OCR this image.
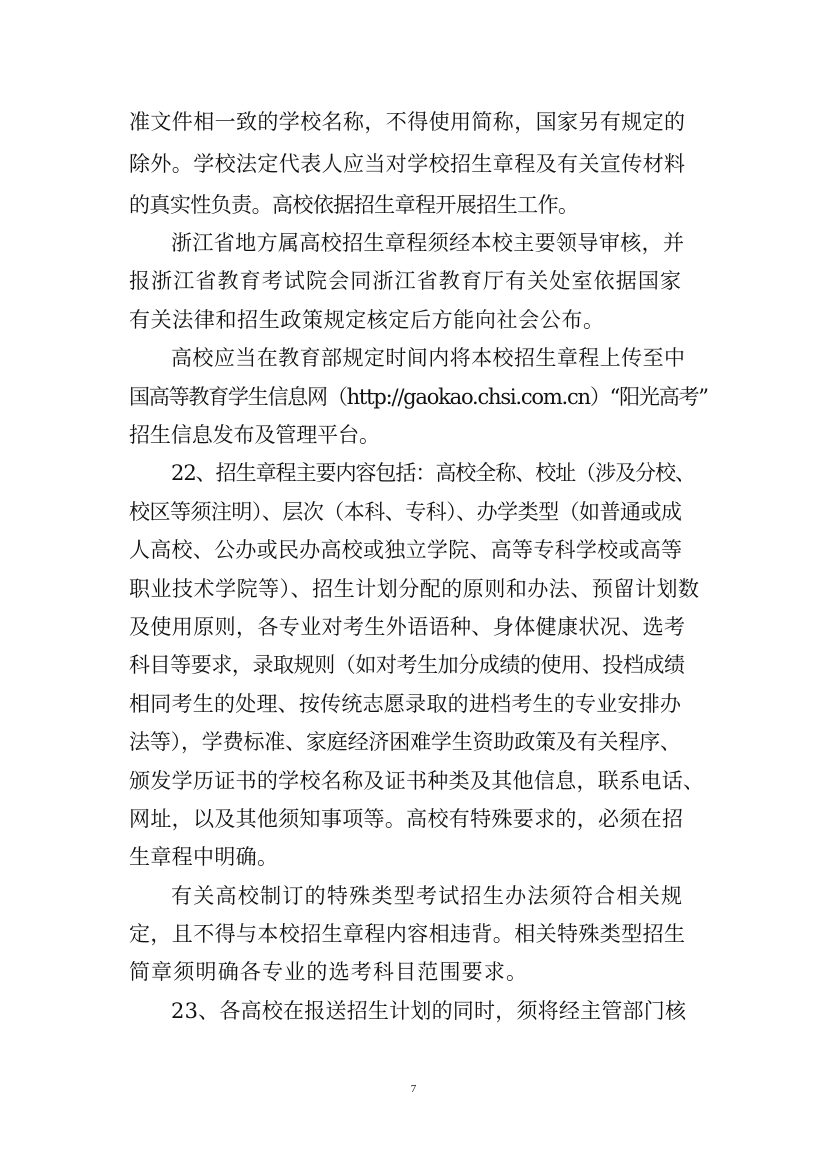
准文件相一致的学校名称，不得使用简称，国家另有规定的
除外。学校法定代表人应当对学校招生章程及有关宣传材料
的真实性负责。高校依据招生章程开展招生工作。
浙江省地方属高校招生章程须经本校主要领导审核，并
报浙江省教育考试院会同浙江省教育厅有关处室依据国家
有关法律和招生政策规定核定后方能向社会公布。
高校应当在教育部规定时间内将本校招生章程上传至中
国高等教育学生信息网（http://gaokao.chsi.com.cn）“阳光高考”
招生信息发布及管理平台。
22、招生章程主要内容包括：高校全称、校址（涉及分校、
校区等须注明）、层次（本科、专科）、办学类型（如普通或成
人高校、公办或民办高校或独立学院、高等专科学校或高等
职业技术学院等）、招生计划分配的原则和办法、预留计划数
及使用原则，各专业对考生外语语种、身体健康状况、选考
科目等要求，录取规则（如对考生加分成绩的使用、投档成绩
相同考生的处理、按传统志愿录取的进档考生的专业安排办
法等），学费标准、家庭经济困难学生资助政策及有关程序、
颁发学历证书的学校名称及证书种类及其他信息，联系电话、
网址，以及其他须知事项等。高校有特殊要求的，必须在招
生章程中明确。
有关高校制订的特殊类型考试招生办法须符合相关规
定，且不得与本校招生章程内容相违背。相关特殊类型招生
简章须明确各专业的选考科目范围要求。
23、各高校在报送招生计划的同时，须将经主管部门核
7
